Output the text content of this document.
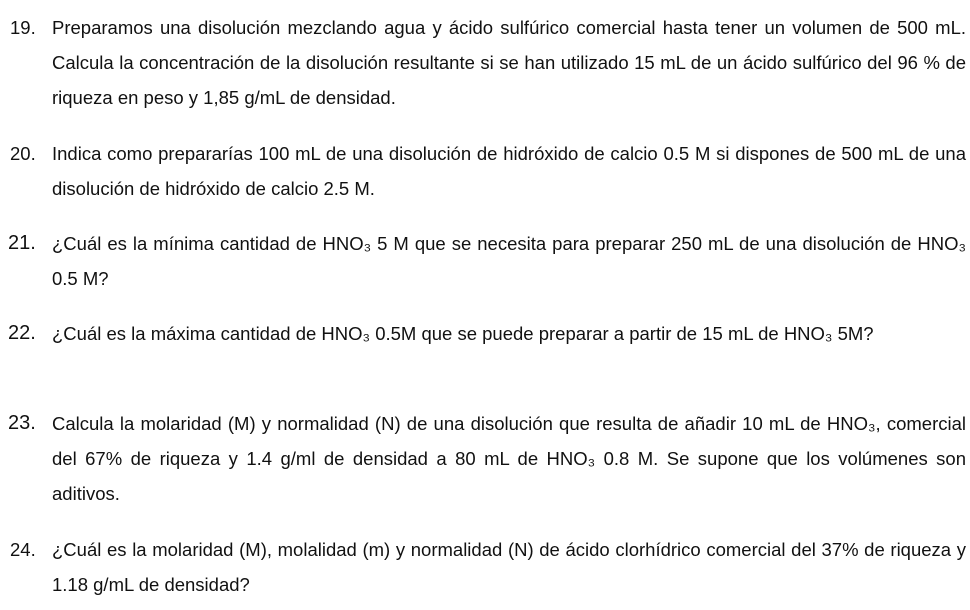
19. Preparamos una disolución mezclando agua y ácido sulfúrico comercial hasta tener un volumen de 500 mL. Calcula la concentración de la disolución resultante si se han utilizado 15 mL de un ácido sulfúrico del 96 % de riqueza en peso y 1,85 g/mL de densidad.
20. Indica como prepararías 100 mL de una disolución de hidróxido de calcio 0.5 M si dispones de 500 mL de una disolución de hidróxido de calcio 2.5 M.
21. ¿Cuál es la mínima cantidad de HNO₃ 5 M que se necesita para preparar 250 mL de una disolución de HNO₃ 0.5 M?
22. ¿Cuál es la máxima cantidad de HNO₃ 0.5M que se puede preparar a partir de 15 mL de HNO₃ 5M?
23. Calcula la molaridad (M) y normalidad (N) de una disolución que resulta de añadir 10 mL de HNO₃, comercial del 67% de riqueza y 1.4 g/ml de densidad a 80 mL de HNO₃ 0.8 M. Se supone que los volúmenes son aditivos.
24. ¿Cuál es la molaridad (M), molalidad (m) y normalidad (N) de ácido clorhídrico comercial del 37% de riqueza y 1.18 g/mL de densidad?
